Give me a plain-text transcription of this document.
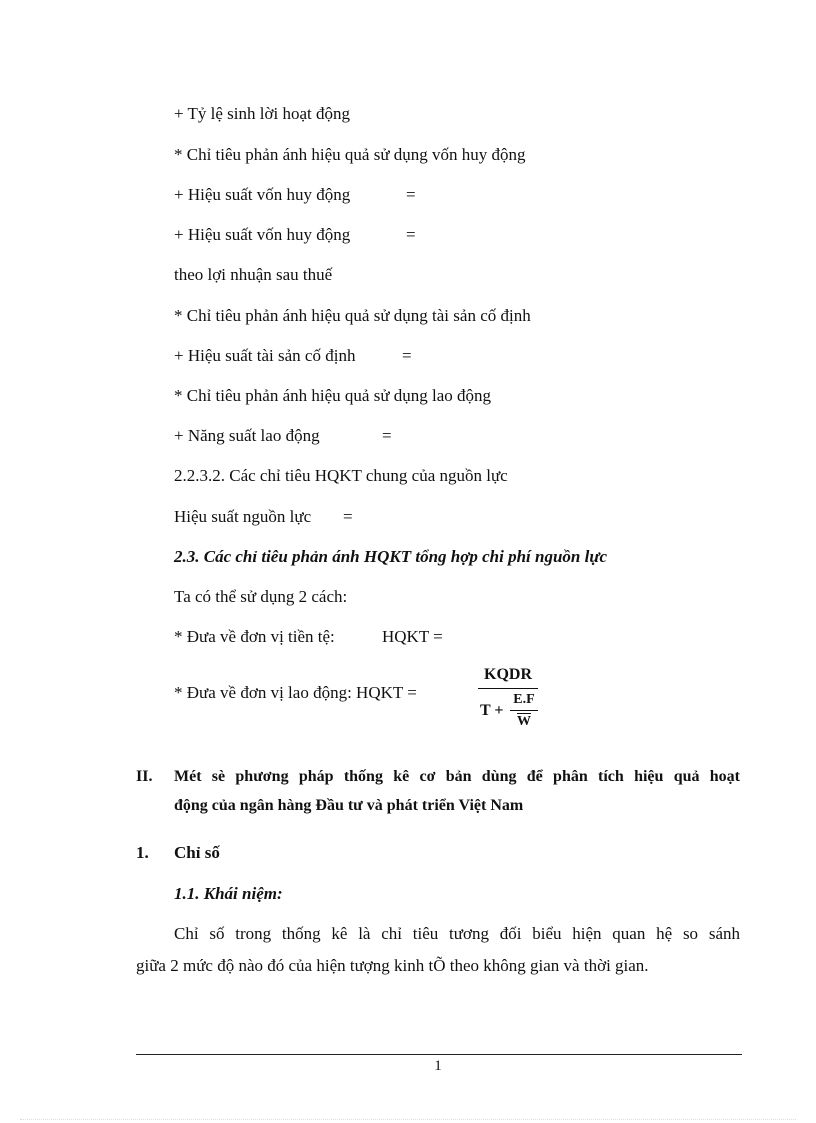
+ Tỷ lệ sinh lời hoạt động
* Chỉ tiêu phản ánh hiệu quả sử dụng vốn huy động
+ Hiệu suất vốn huy động	=
+ Hiệu suất vốn huy động	=
theo lợi nhuận sau thuế
* Chỉ tiêu phản ánh hiệu quả sử dụng tài sản cố định
+ Hiệu suất tài sản cố định	=
* Chỉ tiêu phản ánh hiệu quả sử dụng lao động
+ Năng suất lao động	=
2.2.3.2. Các chỉ tiêu HQKT chung của nguồn lực
Hiệu suất nguồn lực =
2.3. Các chỉ tiêu phản ánh HQKT tổng hợp chi phí nguồn lực
Ta có thể sử dụng 2 cách:
* Đưa về đơn vị tiền tệ:	HQKT =
* Đưa về đơn vị lao động: HQKT =
KQDR
T +
E.F
$\overline{W}$
II. Mét sè phương pháp thống kê cơ bản dùng để phân tích hiệu quả hoạt
động của ngân hàng Đầu tư và phát triển Việt Nam
1. Chỉ số
1.1. Khái niệm:
Chỉ số trong thống kê là chỉ tiêu tương đối biểu hiện quan hệ so sánh
giữa 2 mức độ nào đó của hiện tượng kinh tÕ theo không gian và thời gian.
1
